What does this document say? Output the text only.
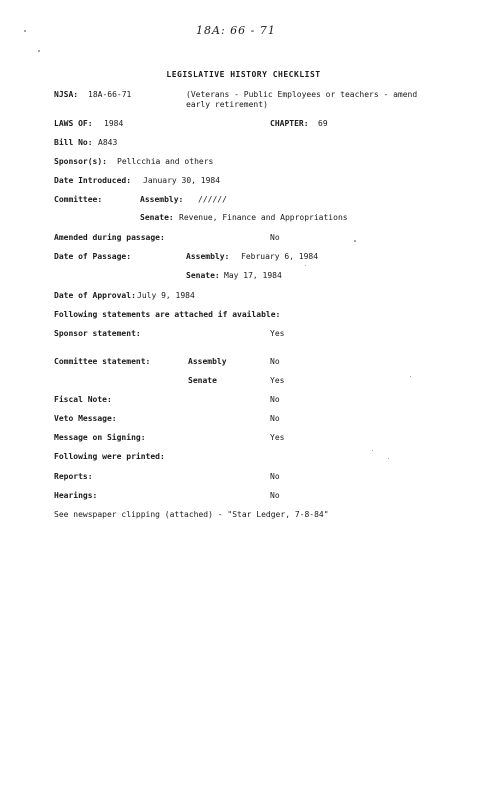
18A: 66 - 71
LEGISLATIVE HISTORY CHECKLIST
NJSA: 18A-66-71	(Veterans - Public Employees or teachers - amend
early retirement)
LAWS OF: 1984	CHAPTER: 69
Bill No: A843
Sponsor(s): Pellcchia and others
Date Introduced: January 30, 1984
Committee:	Assembly: //////
Senate: Revenue, Finance and Appropriations
Amended during passage:	No
Date of Passage:	Assembly: February 6, 1984
Senate: May 17, 1984
Date of Approval: July 9, 1984
Following statements are attached if available:
Sponsor statement:	Yes
Committee statement:	Assembly	No
Senate	Yes
Fiscal Note:	No
Veto Message:	No
Message on Signing:	Yes
Following were printed:
Reports:	No
Hearings:	No
See newspaper clipping (attached) - "Star Ledger, 7-8-84"
